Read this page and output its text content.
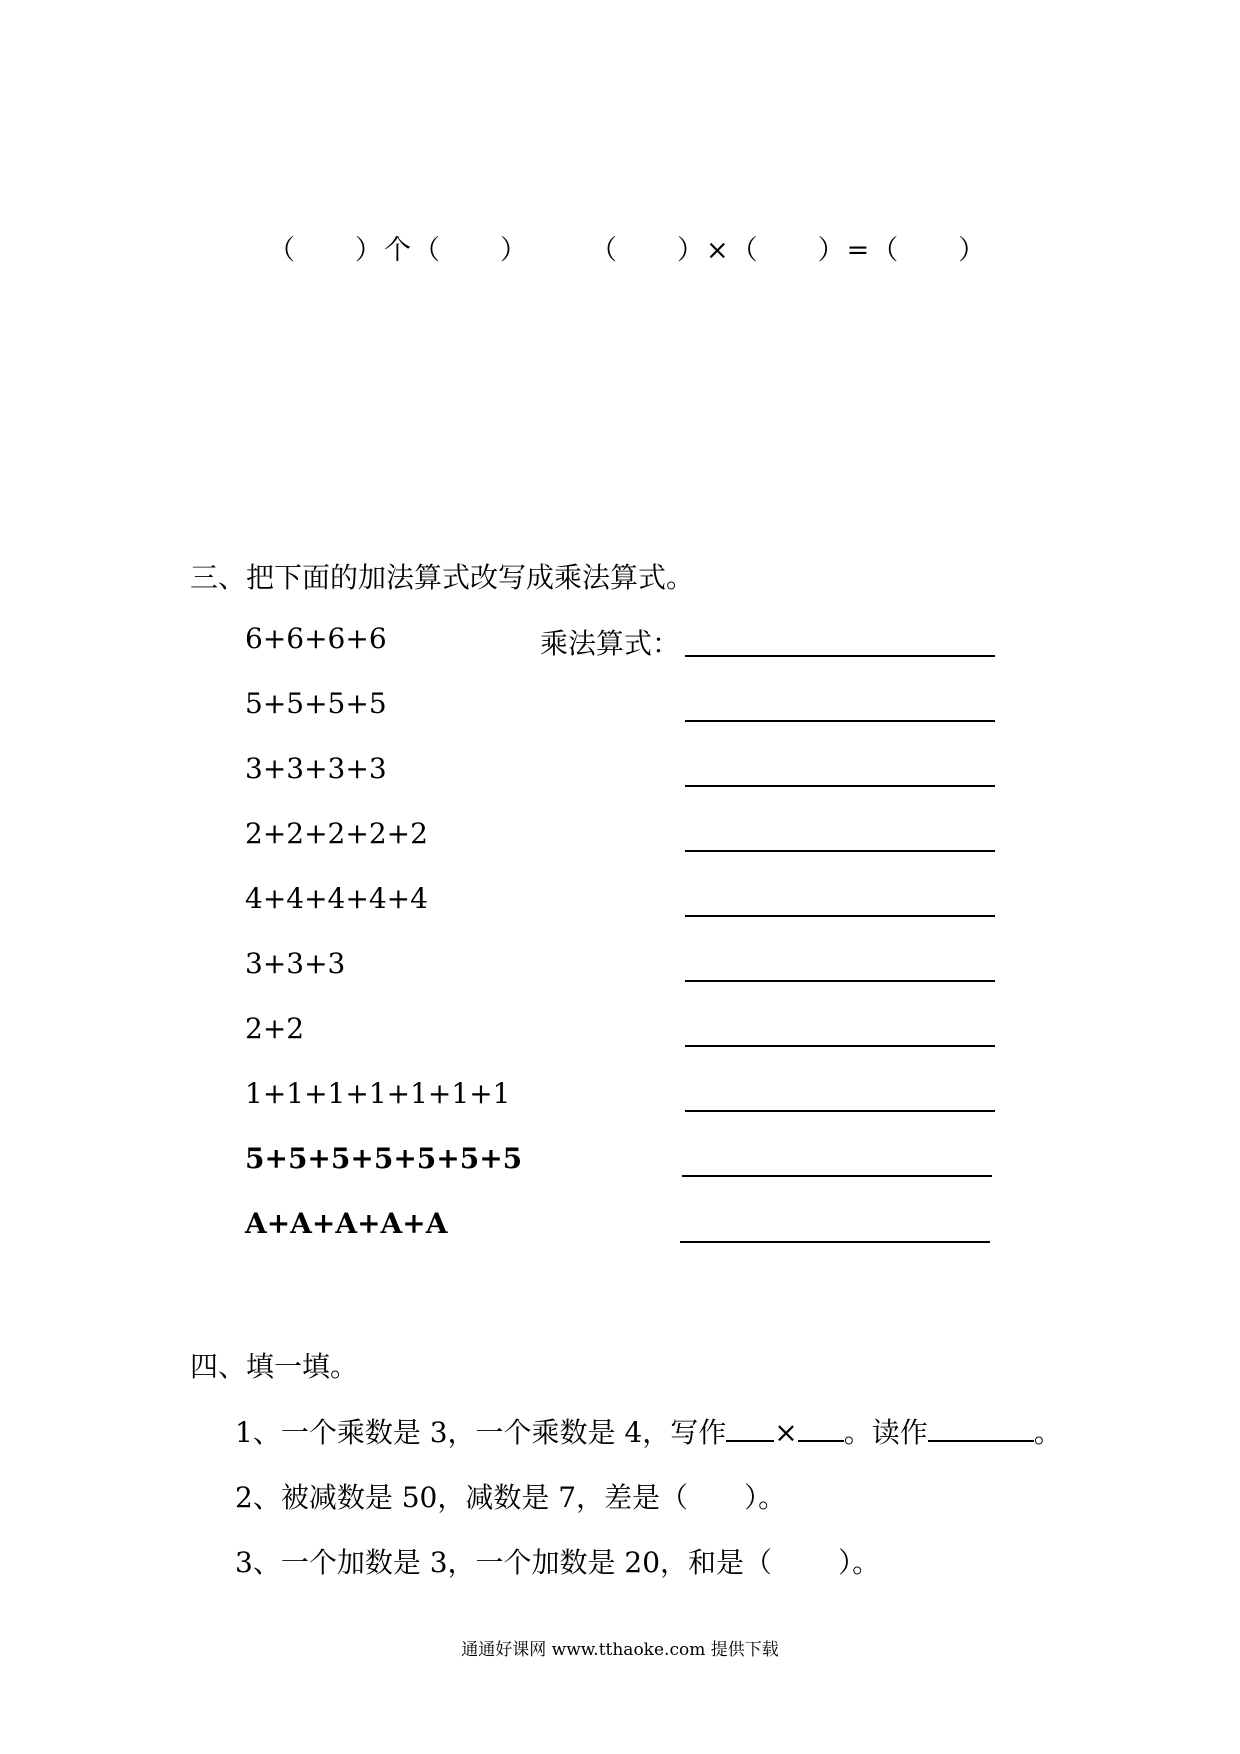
（　　）个（　　） （　　）×（　　）=（　　）
三、把下面的加法算式改写成乘法算式。
乘法算式：
6+6+6+6
5+5+5+5
3+3+3+3
2+2+2+2+2
4+4+4+4+4
3+3+3
2+2
1+1+1+1+1+1+1
5+5+5+5+5+5+5
A+A+A+A+A
四、填一填。
1、一个乘数是 3，一个乘数是 4，写作 × 。读作	。
2、被减数是 50，减数是 7，差是（ ）。
3、一个加数是 3，一个加数是 20，和是（ ）。
通通好课网 www.tthaoke.com 提供下载
